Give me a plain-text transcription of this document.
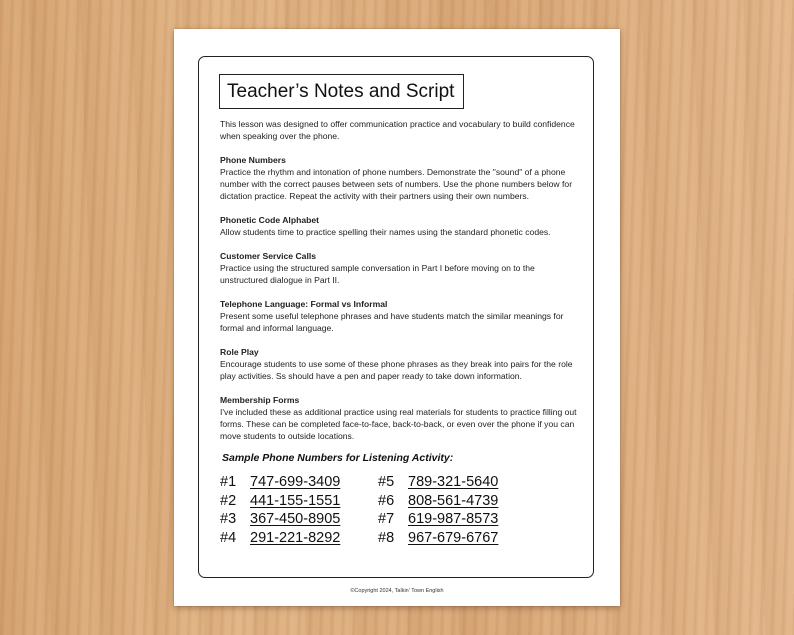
Teacher’s Notes and Script

This lesson was designed to offer communication practice and vocabulary to build confidence when speaking over the phone.

Phone Numbers
Practice the rhythm and intonation of phone numbers. Demonstrate the "sound" of a phone number with the correct pauses between sets of numbers. Use the phone numbers below for dictation practice. Repeat the activity with their partners using their own numbers.

Phonetic Code Alphabet
Allow students time to practice spelling their names using the standard phonetic codes.

Customer Service Calls
Practice using the structured sample conversation in Part I before moving on to the unstructured dialogue in Part II.

Telephone Language: Formal vs Informal
Present some useful telephone phrases and have students match the similar meanings for formal and informal language.

Role Play
Encourage students to use some of these phone phrases as they break into pairs for the role play activities. Ss should have a pen and paper ready to take down information.

Membership Forms
I've included these as additional practice using real materials for students to practice filling out forms. These can be completed face-to-face, back-to-back, or even over the phone if you can move students to outside locations.

Sample Phone Numbers for Listening Activity:
#1 747-699-3409
#2 441-155-1551
#3 367-450-8905
#4 291-221-8292
#5 789-321-5640
#6 808-561-4739
#7 619-987-8573
#8 967-679-6767
©Copyright 2024, Talkin' Town English
